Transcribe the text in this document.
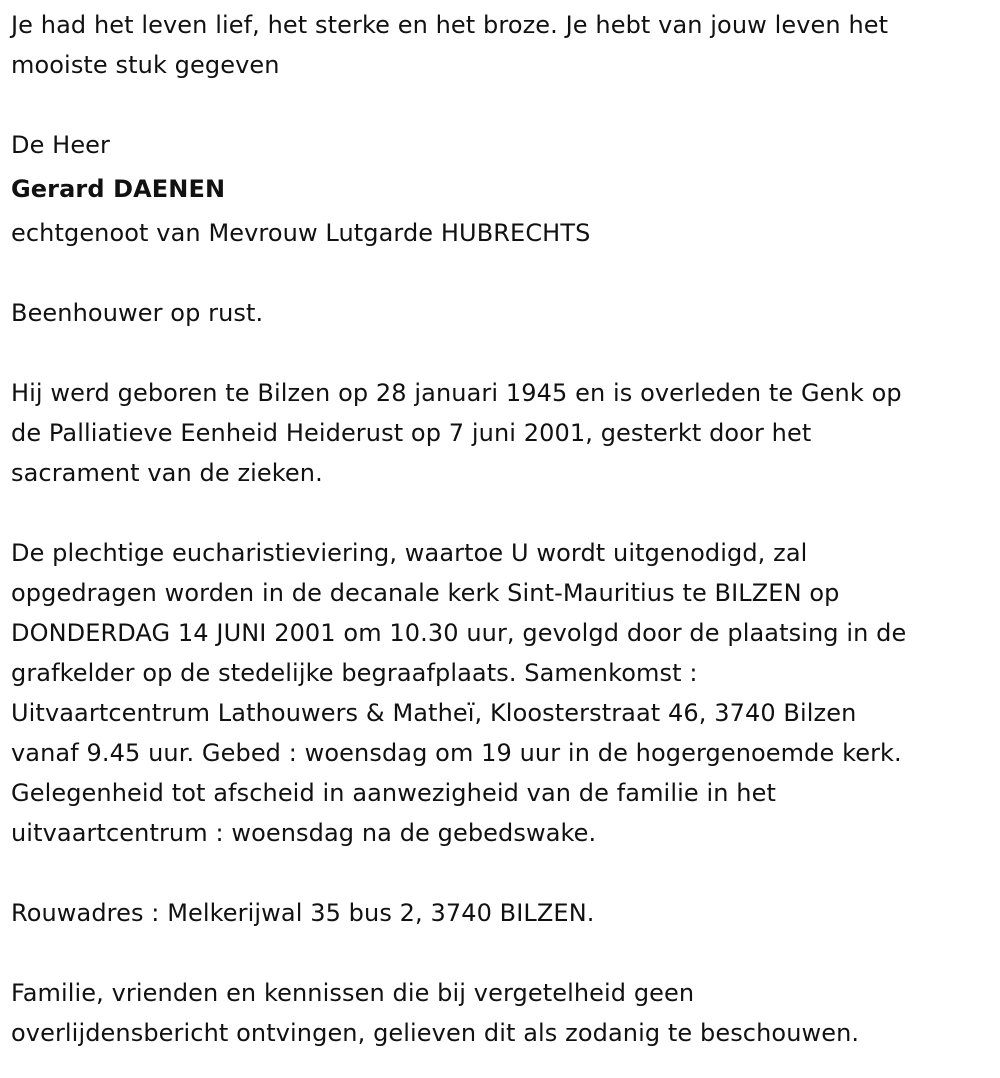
Je had het leven lief, het sterke en het broze. Je hebt van jouw leven het
mooiste stuk gegeven
De Heer
Gerard DAENEN
echtgenoot van Mevrouw Lutgarde HUBRECHTS
Beenhouwer op rust.
Hij werd geboren te Bilzen op 28 januari 1945 en is overleden te Genk op
de Palliatieve Eenheid Heiderust op 7 juni 2001, gesterkt door het
sacrament van de zieken.
De plechtige eucharistieviering, waartoe U wordt uitgenodigd, zal
opgedragen worden in de decanale kerk Sint-Mauritius te BILZEN op
DONDERDAG 14 JUNI 2001 om 10.30 uur, gevolgd door de plaatsing in de
grafkelder op de stedelijke begraafplaats. Samenkomst :
Uitvaartcentrum Lathouwers & Matheï, Kloosterstraat 46, 3740 Bilzen
vanaf 9.45 uur. Gebed : woensdag om 19 uur in de hogergenoemde kerk.
Gelegenheid tot afscheid in aanwezigheid van de familie in het
uitvaartcentrum : woensdag na de gebedswake.
Rouwadres : Melkerijwal 35 bus 2, 3740 BILZEN.
Familie, vrienden en kennissen die bij vergetelheid geen
overlijdensbericht ontvingen, gelieven dit als zodanig te beschouwen.
